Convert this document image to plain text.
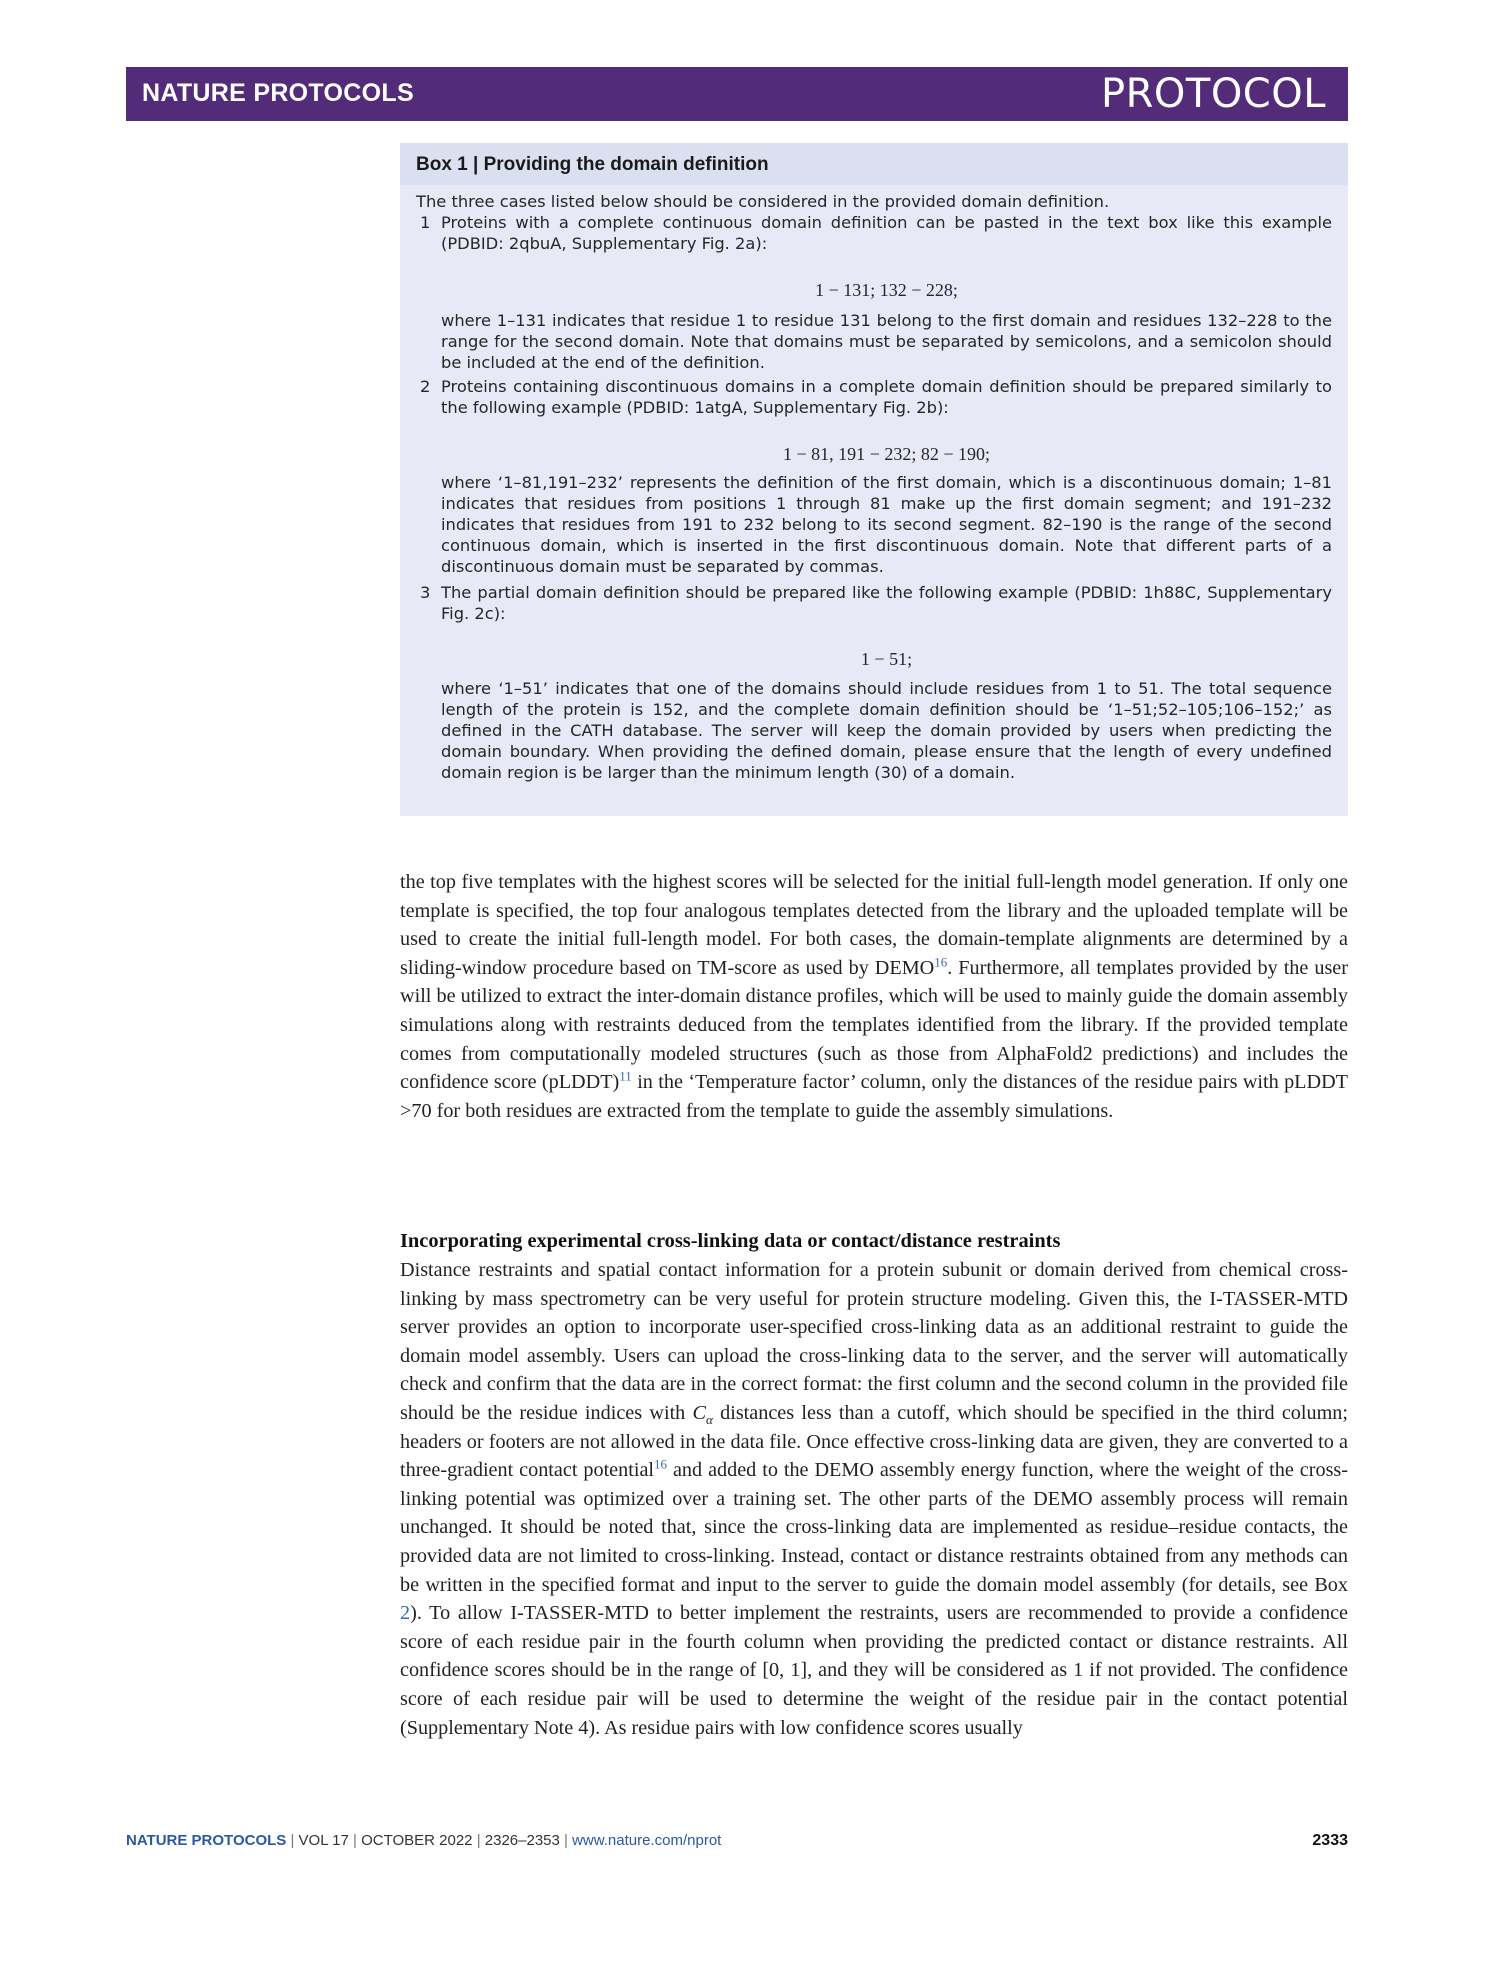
NATURE PROTOCOLS	PROTOCOL
Box 1 | Providing the domain definition
The three cases listed below should be considered in the provided domain definition.
1 Proteins with a complete continuous domain definition can be pasted in the text box like this example (PDBID: 2qbuA, Supplementary Fig. 2a):
1 − 131; 132 − 228;
where 1–131 indicates that residue 1 to residue 131 belong to the first domain and residues 132–228 to the range for the second domain. Note that domains must be separated by semicolons, and a semicolon should be included at the end of the definition.
2 Proteins containing discontinuous domains in a complete domain definition should be prepared similarly to the following example (PDBID: 1atgA, Supplementary Fig. 2b):
1 − 81, 191 − 232; 82 − 190;
where ‘1–81,191–232’ represents the definition of the first domain, which is a discontinuous domain; 1–81 indicates that residues from positions 1 through 81 make up the first domain segment; and 191–232 indicates that residues from 191 to 232 belong to its second segment. 82–190 is the range of the second continuous domain, which is inserted in the first discontinuous domain. Note that different parts of a discontinuous domain must be separated by commas.
3 The partial domain definition should be prepared like the following example (PDBID: 1h88C, Supplementary Fig. 2c):
1 − 51;
where ‘1–51’ indicates that one of the domains should include residues from 1 to 51. The total sequence length of the protein is 152, and the complete domain definition should be ‘1–51;52–105;106–152;’ as defined in the CATH database. The server will keep the domain provided by users when predicting the domain boundary. When providing the defined domain, please ensure that the length of every undefined domain region is be larger than the minimum length (30) of a domain.
the top five templates with the highest scores will be selected for the initial full-length model generation. If only one template is specified, the top four analogous templates detected from the library and the uploaded template will be used to create the initial full-length model. For both cases, the domain-template alignments are determined by a sliding-window procedure based on TM-score as used by DEMO$^{16}$. Furthermore, all templates provided by the user will be utilized to extract the inter-domain distance profiles, which will be used to mainly guide the domain assembly simulations along with restraints deduced from the templates identified from the library. If the provided template comes from computationally modeled structures (such as those from AlphaFold2 predictions) and includes the confidence score (pLDDT)$^{11}$ in the ‘Temperature factor’ column, only the distances of the residue pairs with pLDDT >70 for both residues are extracted from the template to guide the assembly simulations.
Incorporating experimental cross-linking data or contact/distance restraints
Distance restraints and spatial contact information for a protein subunit or domain derived from chemical cross-linking by mass spectrometry can be very useful for protein structure modeling. Given this, the I-TASSER-MTD server provides an option to incorporate user-specified cross-linking data as an additional restraint to guide the domain model assembly. Users can upload the cross-linking data to the server, and the server will automatically check and confirm that the data are in the correct format: the first column and the second column in the provided file should be the residue indices with $C_\alpha$ distances less than a cutoff, which should be specified in the third column; headers or footers are not allowed in the data file. Once effective cross-linking data are given, they are converted to a three-gradient contact potential$^{16}$ and added to the DEMO assembly energy function, where the weight of the cross-linking potential was optimized over a training set. The other parts of the DEMO assembly process will remain unchanged. It should be noted that, since the cross-linking data are implemented as residue–residue contacts, the provided data are not limited to cross-linking. Instead, contact or distance restraints obtained from any methods can be written in the specified format and input to the server to guide the domain model assembly (for details, see Box 2). To allow I-TASSER-MTD to better implement the restraints, users are recommended to provide a confidence score of each residue pair in the fourth column when providing the predicted contact or distance restraints. All confidence scores should be in the range of [0, 1], and they will be considered as 1 if not provided. The confidence score of each residue pair will be used to determine the weight of the residue pair in the contact potential (Supplementary Note 4). As residue pairs with low confidence scores usually
NATURE PROTOCOLS | VOL 17 | OCTOBER 2022 | 2326–2353 | www.nature.com/nprot	2333
